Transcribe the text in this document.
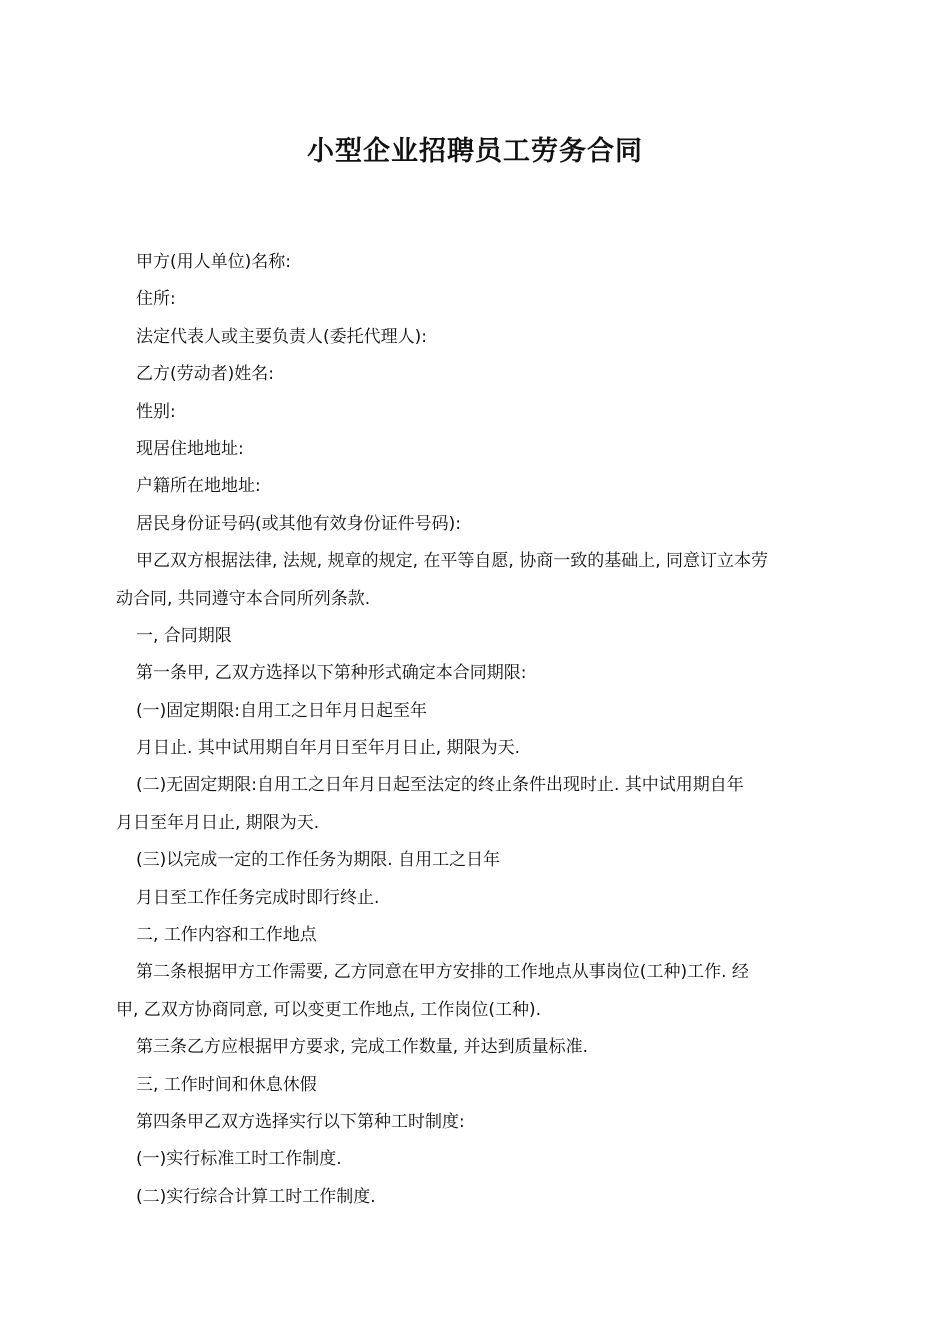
小型企业招聘员工劳务合同
甲方(用人单位)名称:
住所:
法定代表人或主要负责人(委托代理人):
乙方(劳动者)姓名:
性别:
现居住地地址:
户籍所在地地址:
居民身份证号码(或其他有效身份证件号码):
甲乙双方根据法律, 法规, 规章的规定, 在平等自愿, 协商一致的基础上, 同意订立本劳
动合同, 共同遵守本合同所列条款.
一, 合同期限
第一条甲, 乙双方选择以下第种形式确定本合同期限:
(一)固定期限:自用工之日年月日起至年
月日止. 其中试用期自年月日至年月日止, 期限为天.
(二)无固定期限:自用工之日年月日起至法定的终止条件出现时止. 其中试用期自年
月日至年月日止, 期限为天.
(三)以完成一定的工作任务为期限. 自用工之日年
月日至工作任务完成时即行终止.
二, 工作内容和工作地点
第二条根据甲方工作需要, 乙方同意在甲方安排的工作地点从事岗位(工种)工作. 经
甲, 乙双方协商同意, 可以变更工作地点, 工作岗位(工种).
第三条乙方应根据甲方要求, 完成工作数量, 并达到质量标准.
三, 工作时间和休息休假
第四条甲乙双方选择实行以下第种工时制度:
(一)实行标准工时工作制度.
(二)实行综合计算工时工作制度.
